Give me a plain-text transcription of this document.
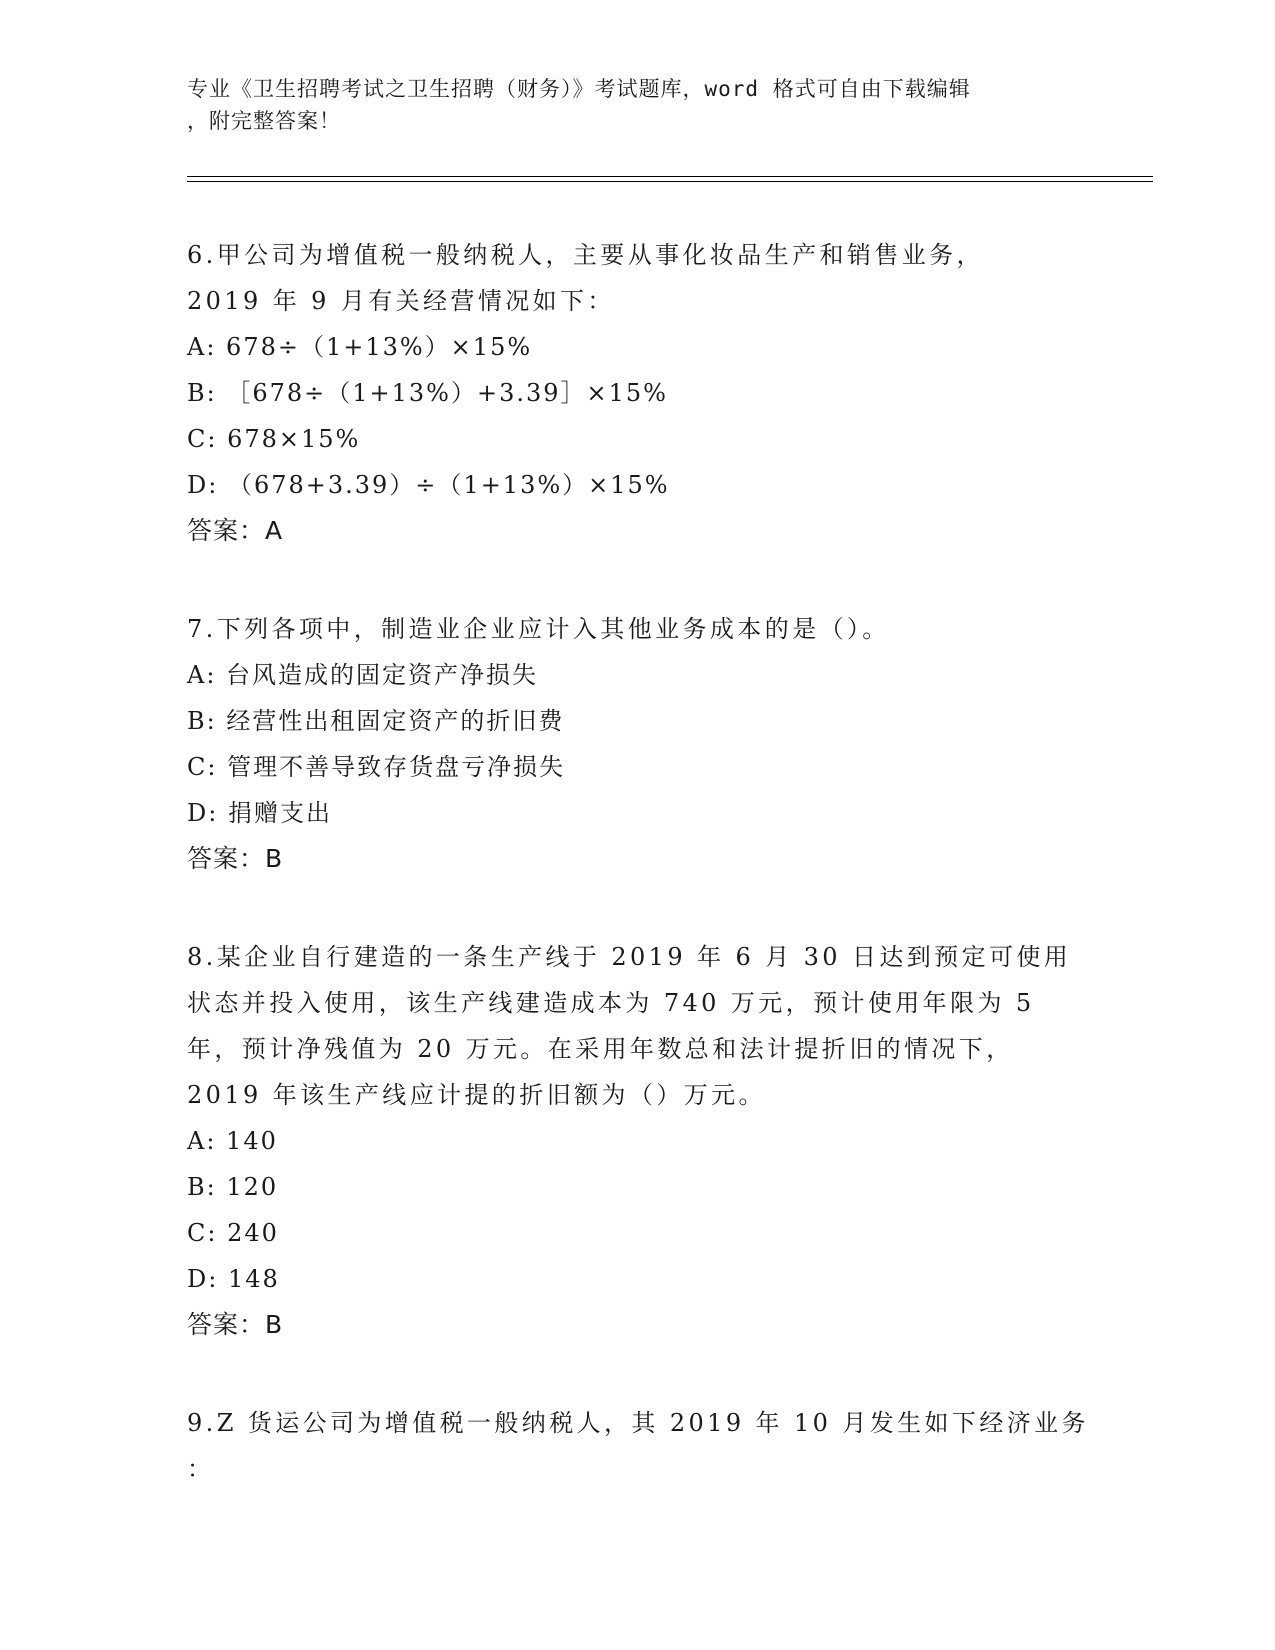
专业《卫生招聘考试之卫生招聘（财务）》考试题库，word 格式可自由下载编辑
，附完整答案！
6.甲公司为增值税一般纳税人，主要从事化妆品生产和销售业务，
2019 年 9 月有关经营情况如下：
A: 678÷（1+13%）×15%
B: ［678÷（1+13%）+3.39］×15%
C: 678×15%
D: （678+3.39）÷（1+13%）×15%
答案：A
7.下列各项中，制造业企业应计入其他业务成本的是（）。
A: 台风造成的固定资产净损失
B: 经营性出租固定资产的折旧费
C: 管理不善导致存货盘亏净损失
D: 捐赠支出
答案：B
8.某企业自行建造的一条生产线于 2019 年 6 月 30 日达到预定可使用
状态并投入使用，该生产线建造成本为 740 万元，预计使用年限为 5
年，预计净残值为 20 万元。在采用年数总和法计提折旧的情况下，
2019 年该生产线应计提的折旧额为（）万元。
A: 140
B: 120
C: 240
D: 148
答案：B
9.Z 货运公司为增值税一般纳税人，其 2019 年 10 月发生如下经济业务
：
